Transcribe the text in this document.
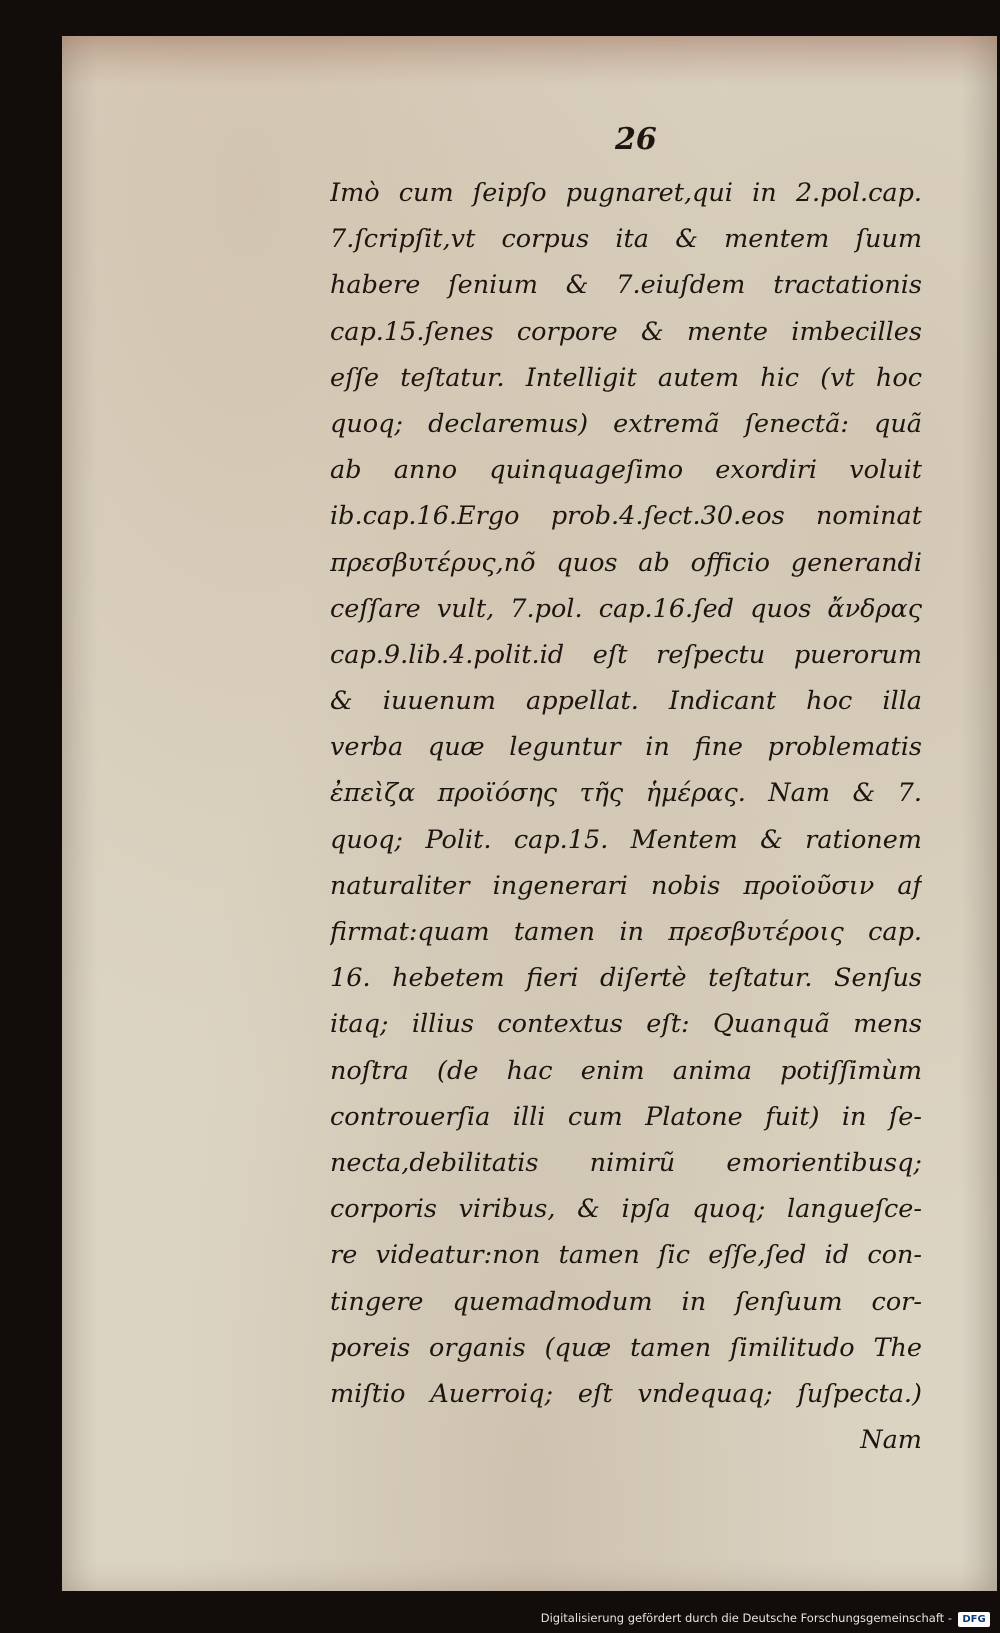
26
Imò cum ſeipſo pugnaret,qui in 2.pol.cap.
7.ſcripſit,vt corpus ita & mentem ſuum
habere ſenium & 7.eiuſdem tractationis
cap.15.ſenes corpore & mente imbecilles
eſſe teſtatur. Intelligit autem hic (vt hoc
quoq; declaremus) extremã ſenectã: quã
ab anno quinquageſimo exordiri voluit
ib.cap.16.Ergo prob.4.ſect.30.eos nominat
πρεσβυτέρυς,nõ quos ab officio generandi
ceſſare vult, 7.pol. cap.16.ſed quos ἄνδρας
cap.9.lib.4.polit.id eſt reſpectu puerorum
& iuuenum appellat. Indicant hoc illa
verba quæ leguntur in fine problematis
ἐπεὶζα προϊόσης τῆς ἡμέρας. Nam & 7.
quoq; Polit. cap.15. Mentem & rationem
naturaliter ingenerari nobis προϊοῦσιν af
firmat:quam tamen in πρεσβυτέροις cap.
16. hebetem fieri diſertè teſtatur. Senſus
itaq; illius contextus eſt: Quanquã mens
noſtra (de hac enim anima potiſſimùm
controuerſia illi cum Platone fuit) in ſe-
necta,debilitatis nimirũ emorientibusq;
corporis viribus, & ipſa quoq; langueſce-
re videatur:non tamen ſic eſſe,ſed id con-
tingere quemadmodum in ſenſuum cor-
poreis organis (quæ tamen ſimilitudo The
miſtio Auerroiq; eſt vndequaq; ſuſpecta.)
Nam
Digitalisierung gefördert durch die Deutsche Forschungsgemeinschaft -	DFG
